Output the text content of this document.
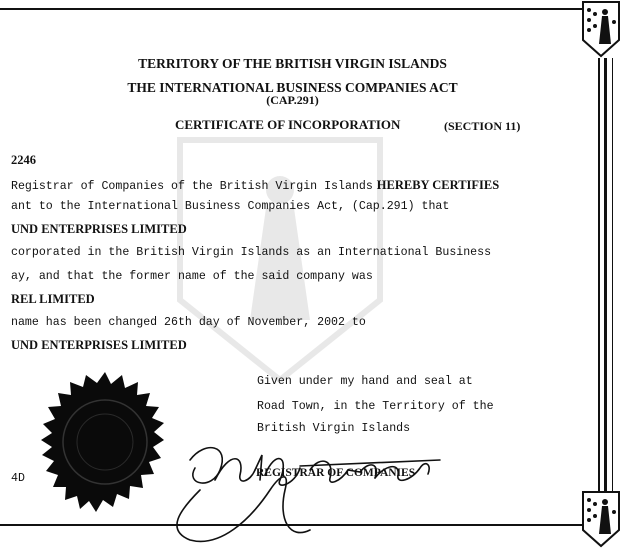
TERRITORY OF THE BRITISH VIRGIN ISLANDS
THE INTERNATIONAL BUSINESS COMPANIES ACT
(CAP.291)
CERTIFICATE OF INCORPORATION	(SECTION 11)
2246
Registrar of Companies of the British Virgin Islands HEREBY CERTIFIES
ant to the International Business Companies Act, (Cap.291) that
UND ENTERPRISES LIMITED
corporated in the British Virgin Islands as an International Business
ay, and that the former name of the said company was
REL LIMITED
name has been changed 26th day of November, 2002 to
UND ENTERPRISES LIMITED
Given under my hand and seal at
Road Town, in the Territory of the
British Virgin Islands
4D	REGISTRAR OF COMPANIES
